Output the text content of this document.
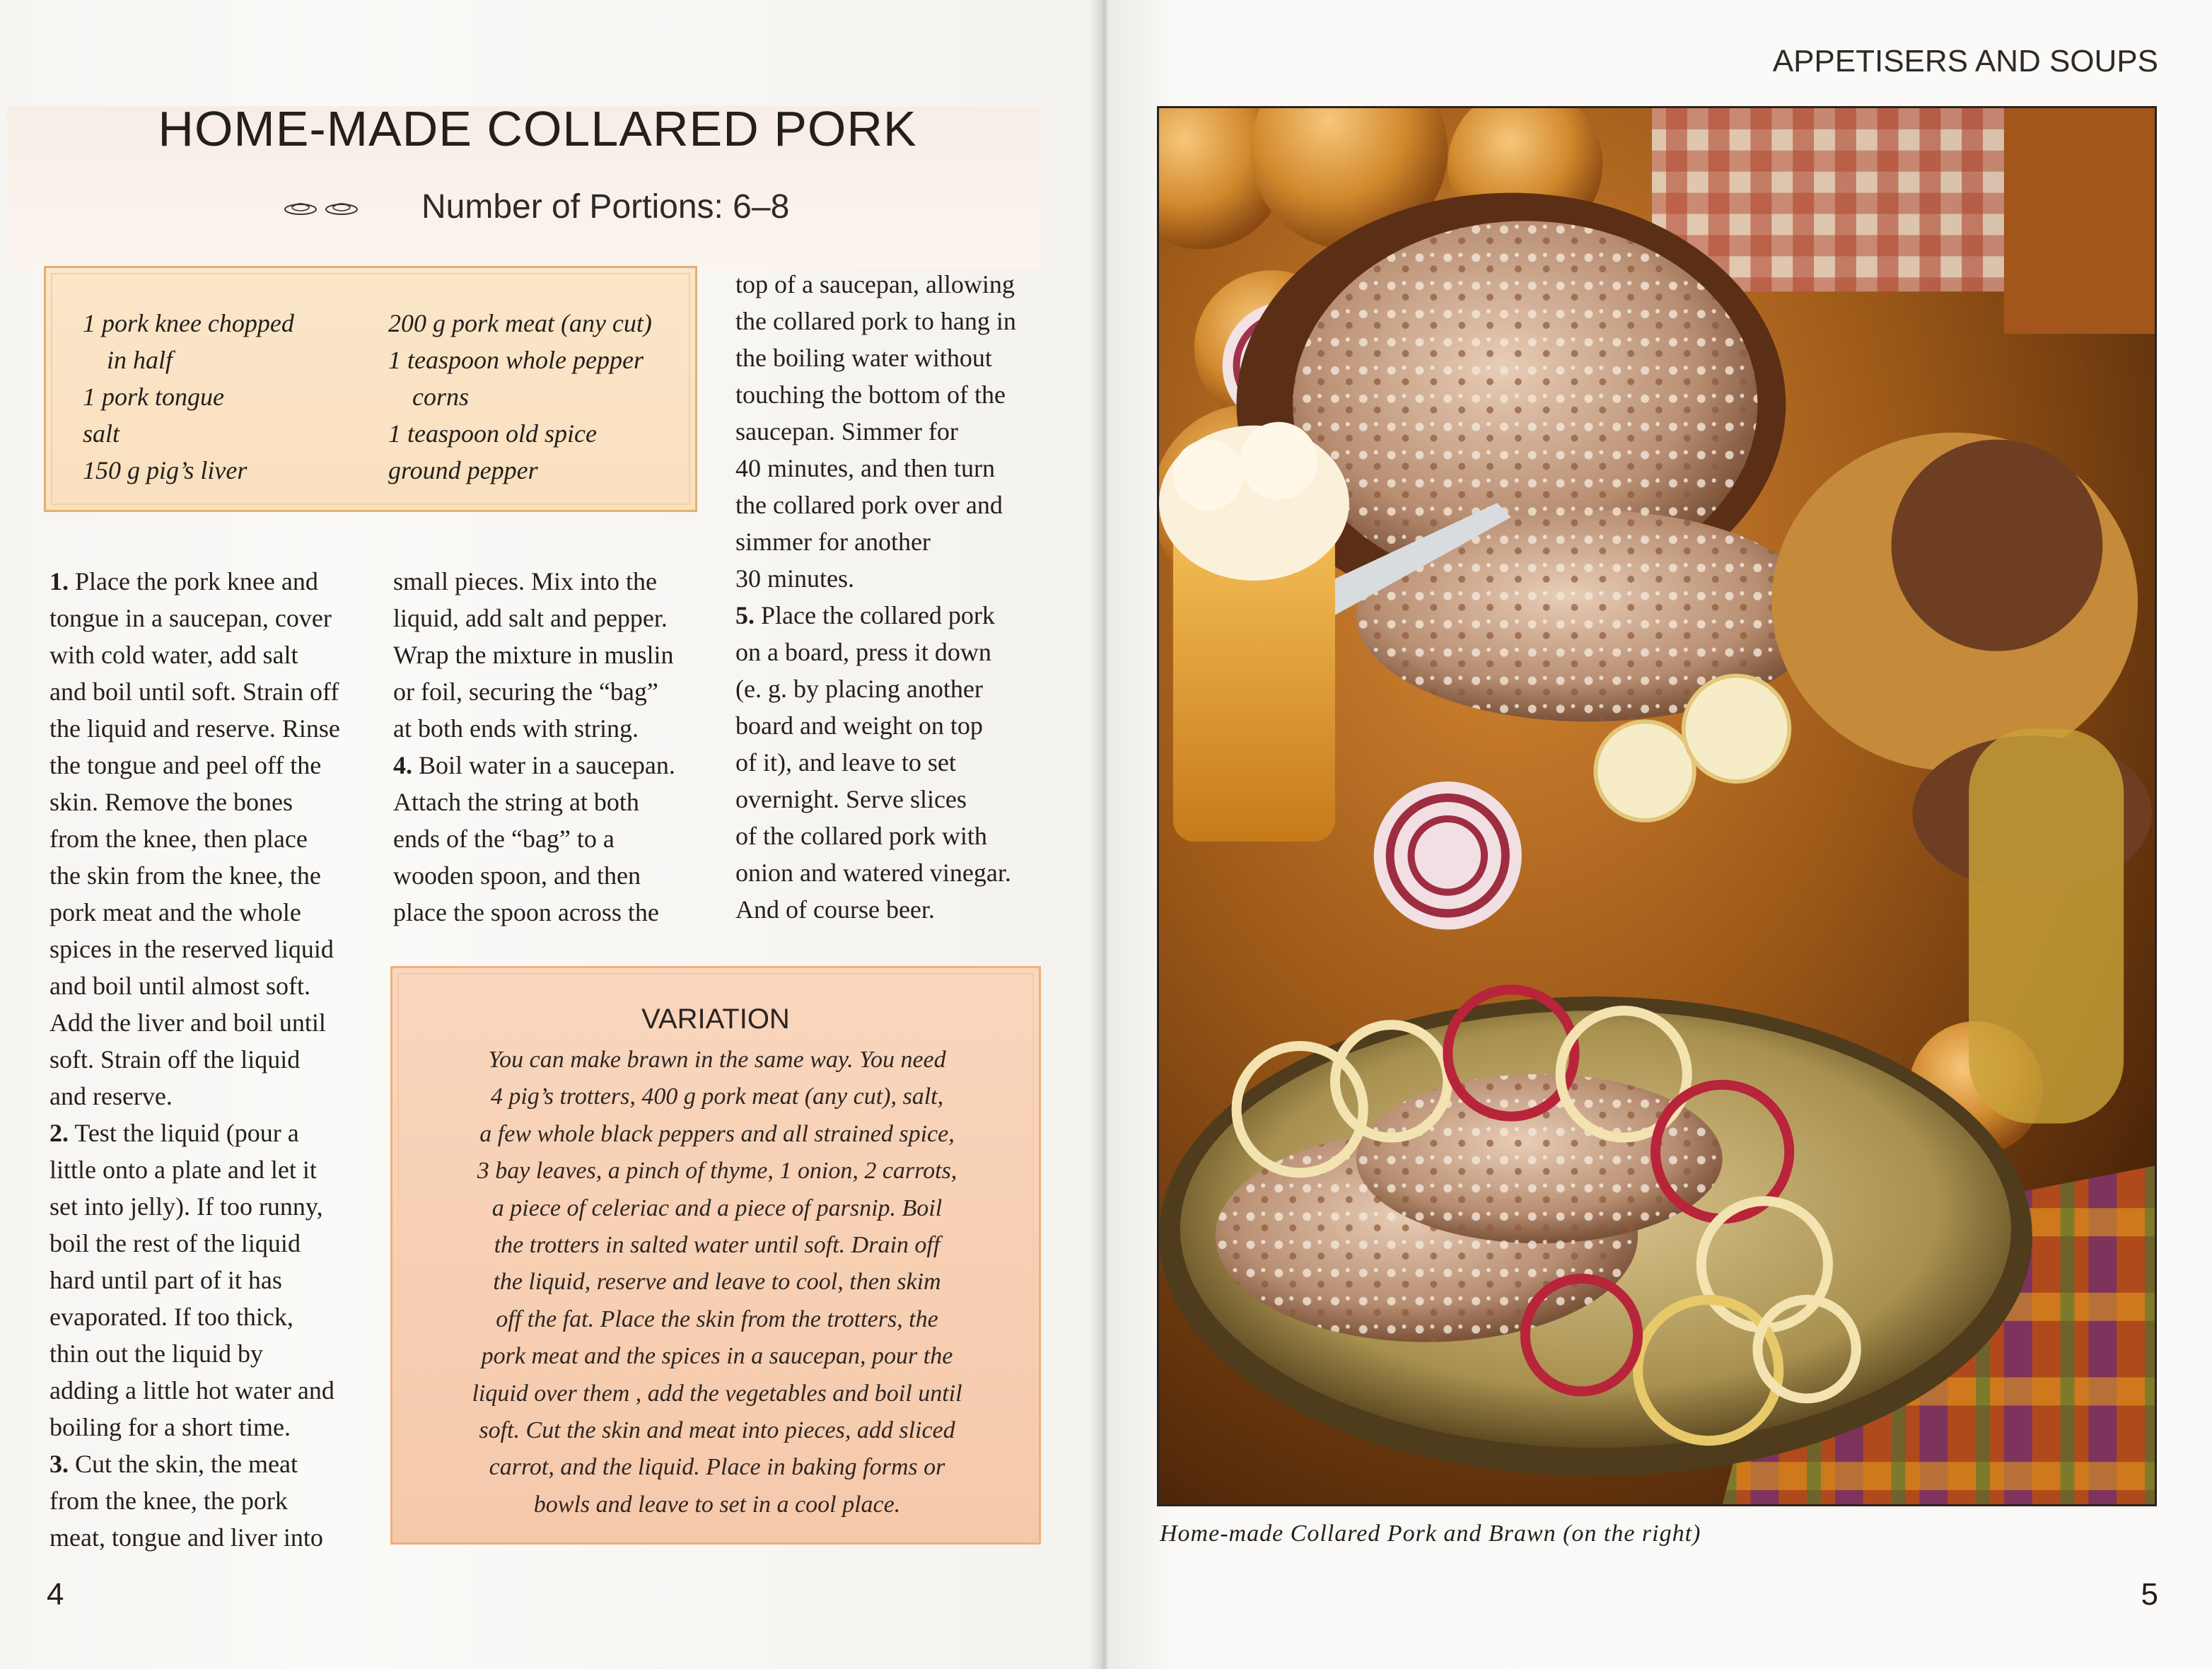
HOME-MADE COLLARED PORK
Number of Portions: 6–8
1 pork knee chopped
in half
1 pork tongue
salt
150 g pig’s liver
200 g pork meat (any cut)
1 teaspoon whole pepper
corns
1 teaspoon old spice
ground pepper

1. Place the pork knee and

tongue in a saucepan, cover

with cold water, add salt

and boil until soft. Strain off

the liquid and reserve. Rinse

the tongue and peel off the

skin. Remove the bones

from the knee, then place

the skin from the knee, the

pork meat and the whole

spices in the reserved liquid

and boil until almost soft.

Add the liver and boil until

soft. Strain off the liquid

and reserve.

2. Test the liquid (pour a

little onto a plate and let it

set into jelly). If too runny,

boil the rest of the liquid

hard until part of it has

evaporated. If too thick,

thin out the liquid by

adding a little hot water and

boiling for a short time.

3. Cut the skin, the meat

from the knee, the pork

meat, tongue and liver into

small pieces. Mix into the

liquid, add salt and pepper.

Wrap the mixture in muslin

or foil, securing the “bag”

at both ends with string.

4. Boil water in a saucepan.

Attach the string at both

ends of the “bag” to a

wooden spoon, and then

place the spoon across the

top of a saucepan, allowing

the collared pork to hang in

the boiling water without

touching the bottom of the

saucepan. Simmer for

40 minutes, and then turn

the collared pork over and

simmer for another

30 minutes.

5. Place the collared pork

on a board, press it down

(e. g. by placing another

board and weight on top

of it), and leave to set

overnight. Serve slices

of the collared pork with

onion and watered vinegar.

And of course beer.

VARIATION
You can make brawn in the same way. You need
4 pig’s trotters, 400 g pork meat (any cut), salt,
a few whole black peppers and all strained spice,
3 bay leaves, a pinch of thyme, 1 onion, 2 carrots,
a piece of celeriac and a piece of parsnip. Boil
the trotters in salted water until soft. Drain off
the liquid, reserve and leave to cool, then skim
off the fat. Place the skin from the trotters, the
pork meat and the spices in a saucepan, pour the
liquid over them , add the vegetables and boil until
soft. Cut the skin and meat into pieces, add sliced
carrot, and the liquid. Place in baking forms or
bowls and leave to set in a cool place.
4
APPETISERS AND SOUPS
Home-made Collared Pork and Brawn (on the right)
5
